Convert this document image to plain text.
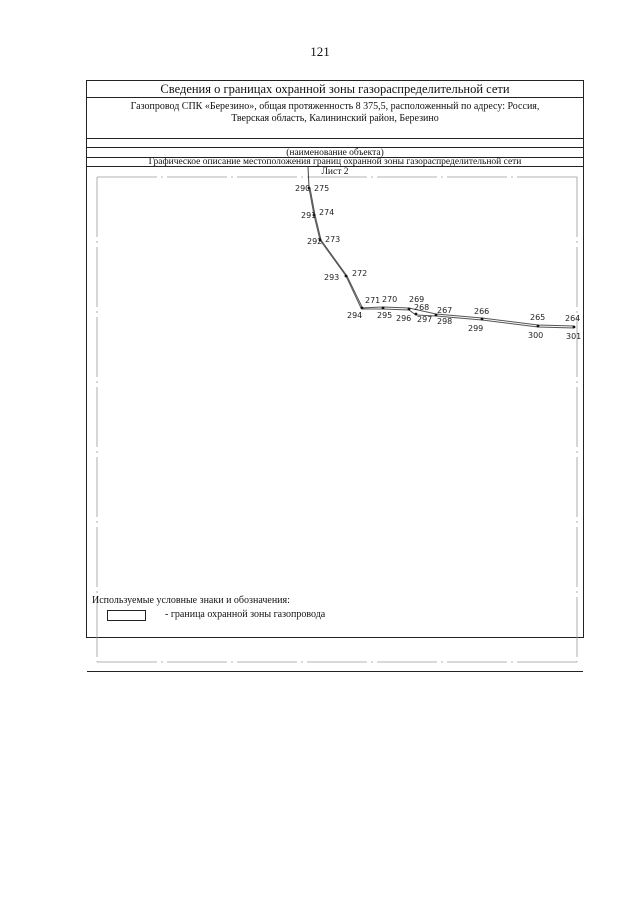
121
Сведения о границах охранной зоны газораспределительной сети
Газопровод СПК «Березино», общая протяженность 8 375,5, расположенный по адресу: Россия,
Тверская область, Калининский район, Березино
(наименование объекта)
Графическое описание местоположения границ охранной зоны газораспределительной сети
Лист 2
290 275
291 274
292 273
293 272
294
271 270
295
269
268
296 297
267
298
266
299
265
300
264
301
Используемые условные знаки и обозначения:
- граница охранной зоны газопровода
